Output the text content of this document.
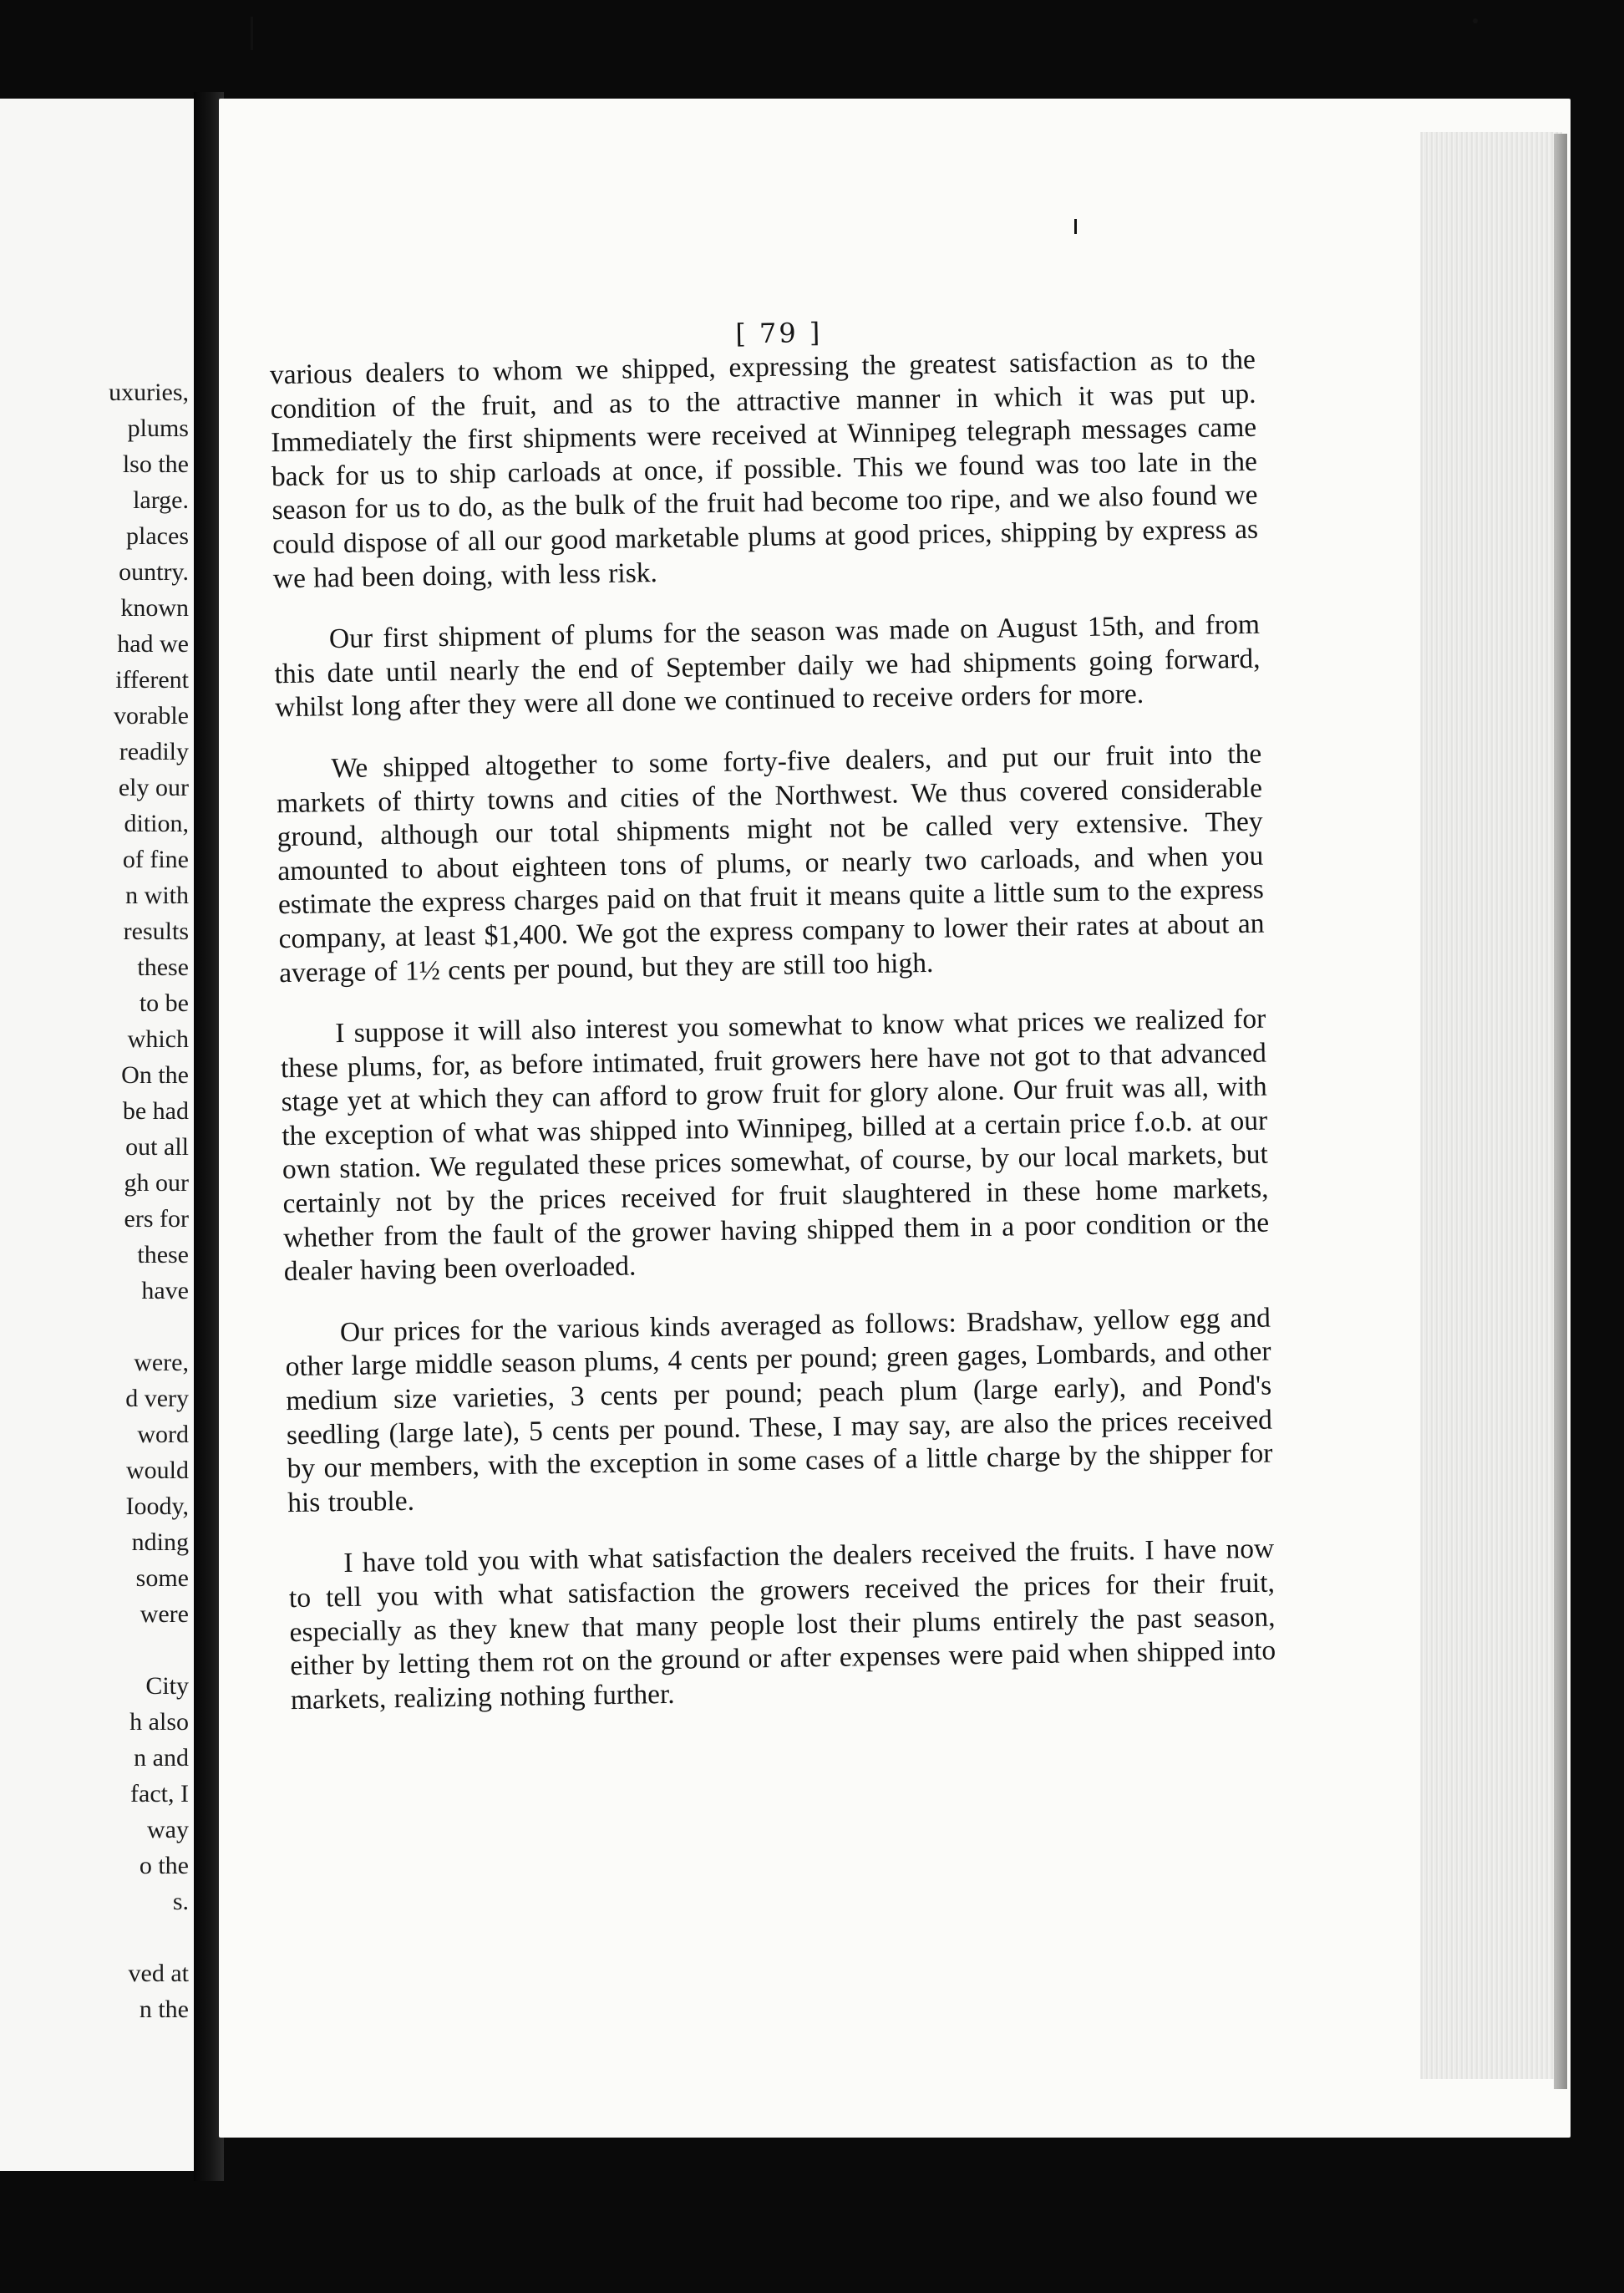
uxuries,
plums
lso the
large.
places
ountry.
known
had we
ifferent
vorable
readily
ely our
dition,
of fine
n with
results
these
to be
which
On the
be had
out all
gh our
ers for
these
have
were,
d very
word
would
Ioody,
nding
some
were
City
h also
n and
fact, I
way
o the
s.
ved at
n the
[ 79 ]

various dealers to whom we shipped, expressing the greatest satisfaction as to the condition of the fruit, and as to the attractive manner in which it was put up. Immediately the first shipments were received at Winnipeg telegraph messages came back for us to ship carloads at once, if possible. This we found was too late in the season for us to do, as the bulk of the fruit had become too ripe, and we also found we could dispose of all our good marketable plums at good prices, shipping by express as we had been doing, with less risk.

Our first shipment of plums for the season was made on August 15th, and from this date until nearly the end of September daily we had shipments going forward, whilst long after they were all done we continued to receive orders for more.

We shipped altogether to some forty-five dealers, and put our fruit into the markets of thirty towns and cities of the Northwest. We thus covered considerable ground, although our total shipments might not be called very extensive. They amounted to about eighteen tons of plums, or nearly two carloads, and when you estimate the express charges paid on that fruit it means quite a little sum to the express company, at least $1,400. We got the express company to lower their rates at about an average of 1½ cents per pound, but they are still too high.

I suppose it will also interest you somewhat to know what prices we realized for these plums, for, as before intimated, fruit growers here have not got to that advanced stage yet at which they can afford to grow fruit for glory alone. Our fruit was all, with the exception of what was shipped into Winnipeg, billed at a certain price f.o.b. at our own station. We regulated these prices somewhat, of course, by our local markets, but certainly not by the prices received for fruit slaughtered in these home markets, whether from the fault of the grower having shipped them in a poor condition or the dealer having been overloaded.

Our prices for the various kinds averaged as follows: Bradshaw, yellow egg and other large middle season plums, 4 cents per pound; green gages, Lombards, and other medium size varieties, 3 cents per pound; peach plum (large early), and Pond's seedling (large late), 5 cents per pound. These, I may say, are also the prices received by our members, with the exception in some cases of a little charge by the shipper for his trouble.

I have told you with what satisfaction the dealers received the fruits. I have now to tell you with what satisfaction the growers received the prices for their fruit, especially as they knew that many people lost their plums entirely the past season, either by letting them rot on the ground or after expenses were paid when shipped into markets, realizing nothing further.
